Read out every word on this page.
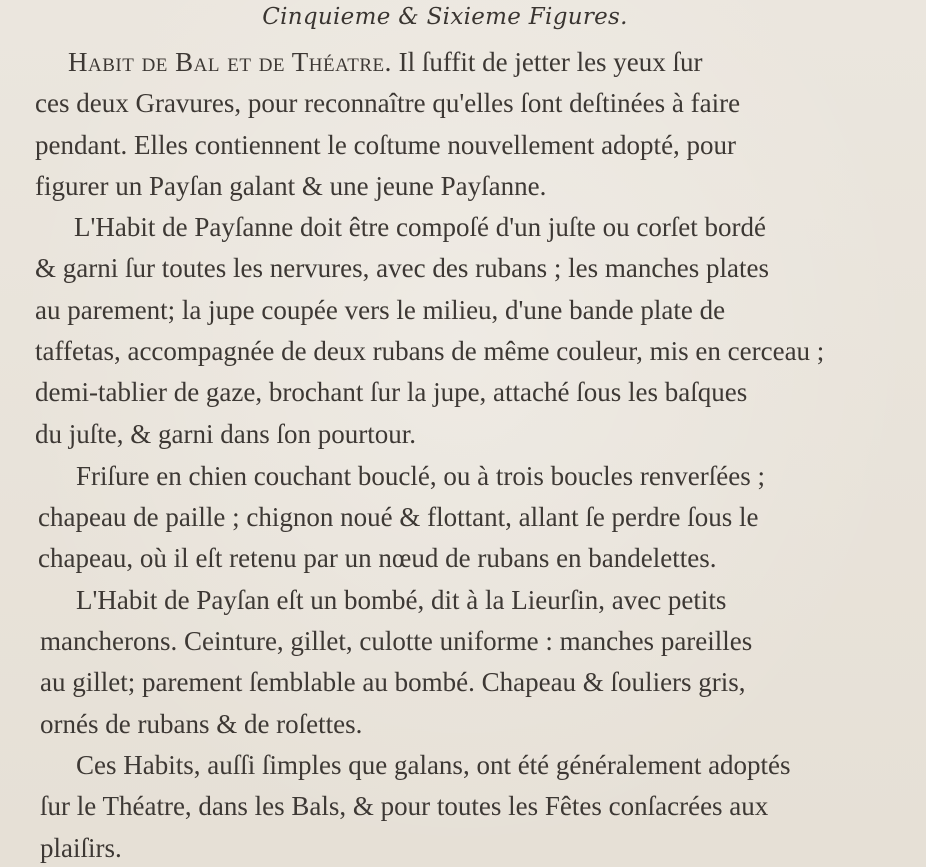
Cinquieme & Sixieme Figures.
Habit de Bal et de Théatre. Il ſuffit de jetter les yeux ſur
ces deux Gravures, pour reconnaître qu'elles ſont deſtinées à faire
pendant. Elles contiennent le coſtume nouvellement adopté, pour
figurer un Payſan galant & une jeune Payſanne.
L'Habit de Payſanne doit être compoſé d'un juſte ou corſet bordé
& garni ſur toutes les nervures, avec des rubans ; les manches plates
au parement; la jupe coupée vers le milieu, d'une bande plate de
taffetas, accompagnée de deux rubans de même couleur, mis en cerceau ;
demi-tablier de gaze, brochant ſur la jupe, attaché ſous les baſques
du juſte, & garni dans ſon pourtour.
Friſure en chien couchant bouclé, ou à trois boucles renverſées ;
chapeau de paille ; chignon noué & flottant, allant ſe perdre ſous le
chapeau, où il eſt retenu par un nœud de rubans en bandelettes.
L'Habit de Payſan eſt un bombé, dit à la Lieurſin, avec petits
mancherons. Ceinture, gillet, culotte uniforme : manches pareilles
au gillet; parement ſemblable au bombé. Chapeau & ſouliers gris,
ornés de rubans & de roſettes.
Ces Habits, auſſi ſimples que galans, ont été généralement adoptés
ſur le Théatre, dans les Bals, & pour toutes les Fêtes conſacrées aux
plaiſirs.
